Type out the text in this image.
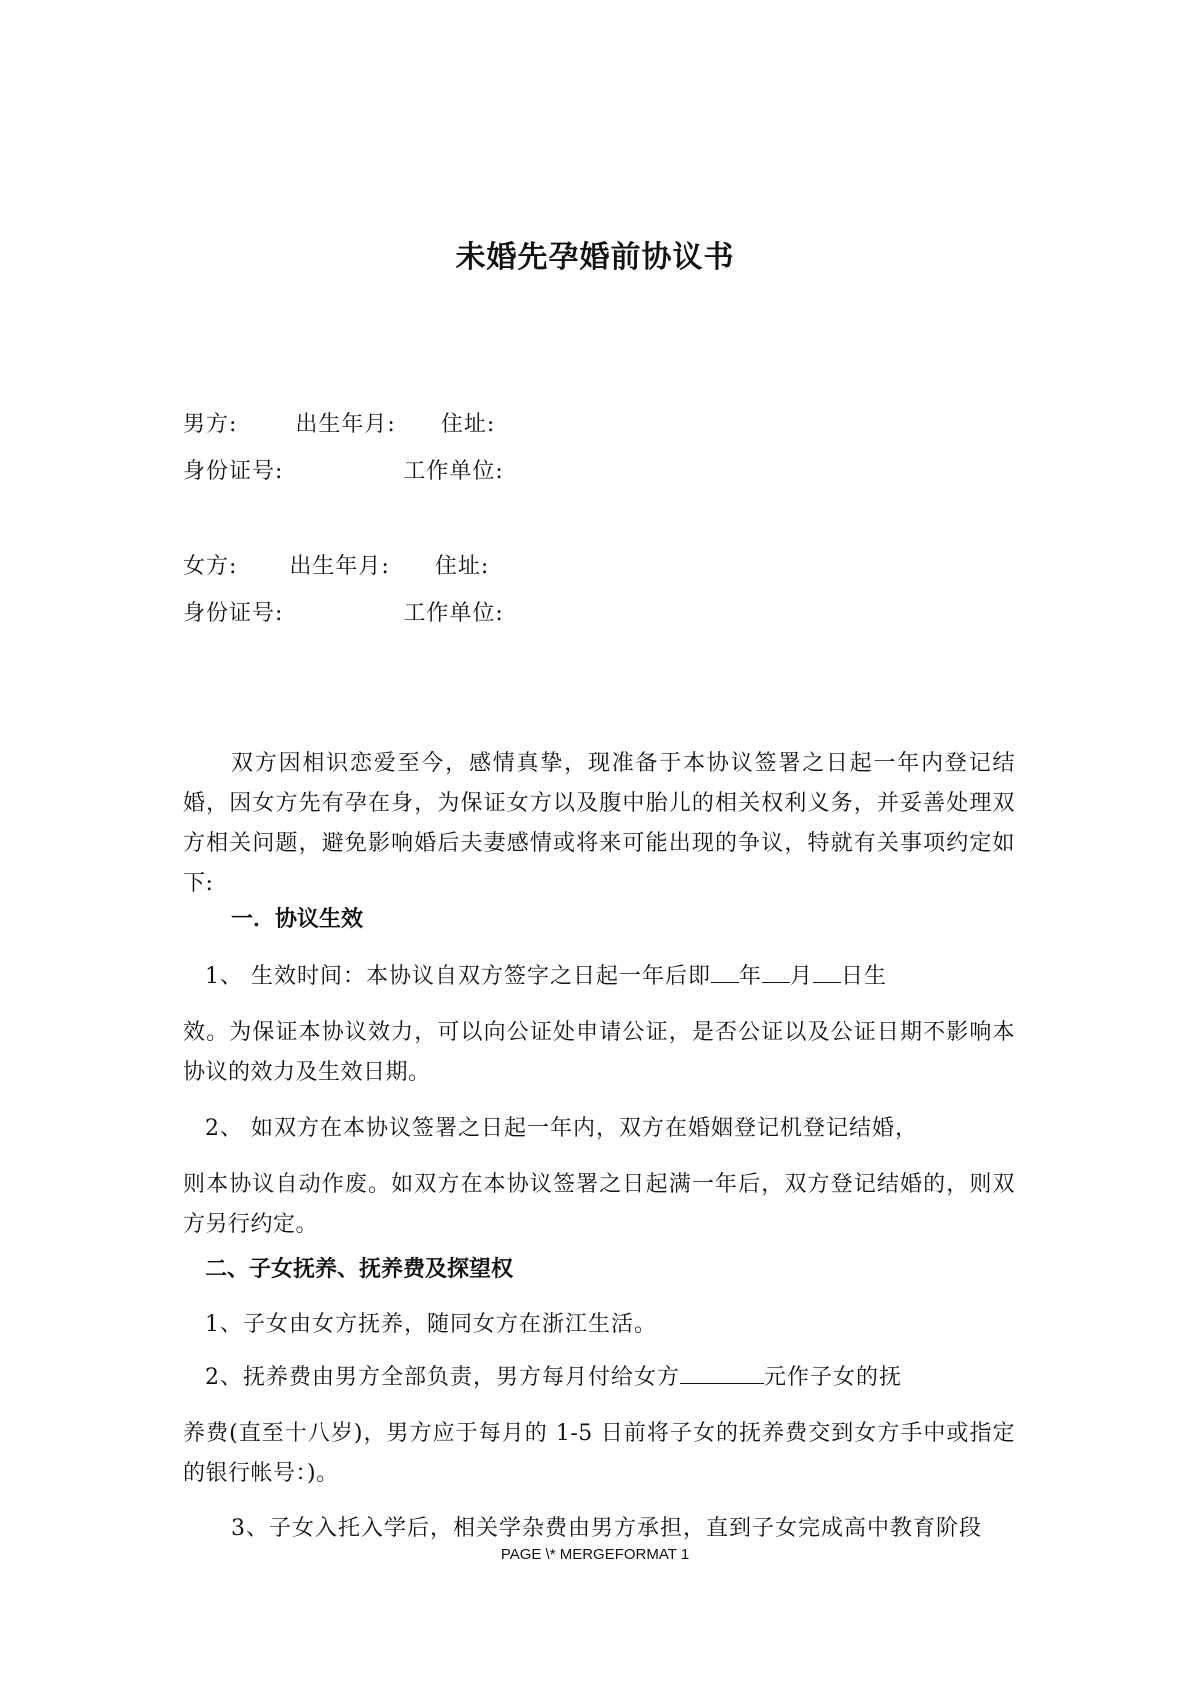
未婚先孕婚前协议书
男方:	出生年月: 住址:
身份证号:	工作单位:
女方: 出生年月: 住址:
身份证号:	工作单位:
双方因相识恋爱至今，感情真挚，现准备于本协议签署之日起一年内登记结婚，因女方先有孕在身，为保证女方以及腹中胎儿的相关权利义务，并妥善处理双方相关问题，避免影响婚后夫妻感情或将来可能出现的争议，特就有关事项约定如下:
一．协议生效
1、 生效时间：本协议自双方签字之日起一年后即 年 月 日生
效。为保证本协议效力，可以向公证处申请公证，是否公证以及公证日期不影响本协议的效力及生效日期。
2、 如双方在本协议签署之日起一年内，双方在婚姻登记机登记结婚，
则本协议自动作废。如双方在本协议签署之日起满一年后，双方登记结婚的，则双方另行约定。
二、子女抚养、抚养费及探望权
1、子女由女方抚养，随同女方在浙江生活。
2、抚养费由男方全部负责，男方每月付给女方	元作子女的抚
养费(直至十八岁)，男方应于每月的 1-5 日前将子女的抚养费交到女方手中或指定的银行帐号：)。
3、子女入托入学后，相关学杂费由男方承担，直到子女完成高中教育阶段
PAGE \* MERGEFORMAT 1
